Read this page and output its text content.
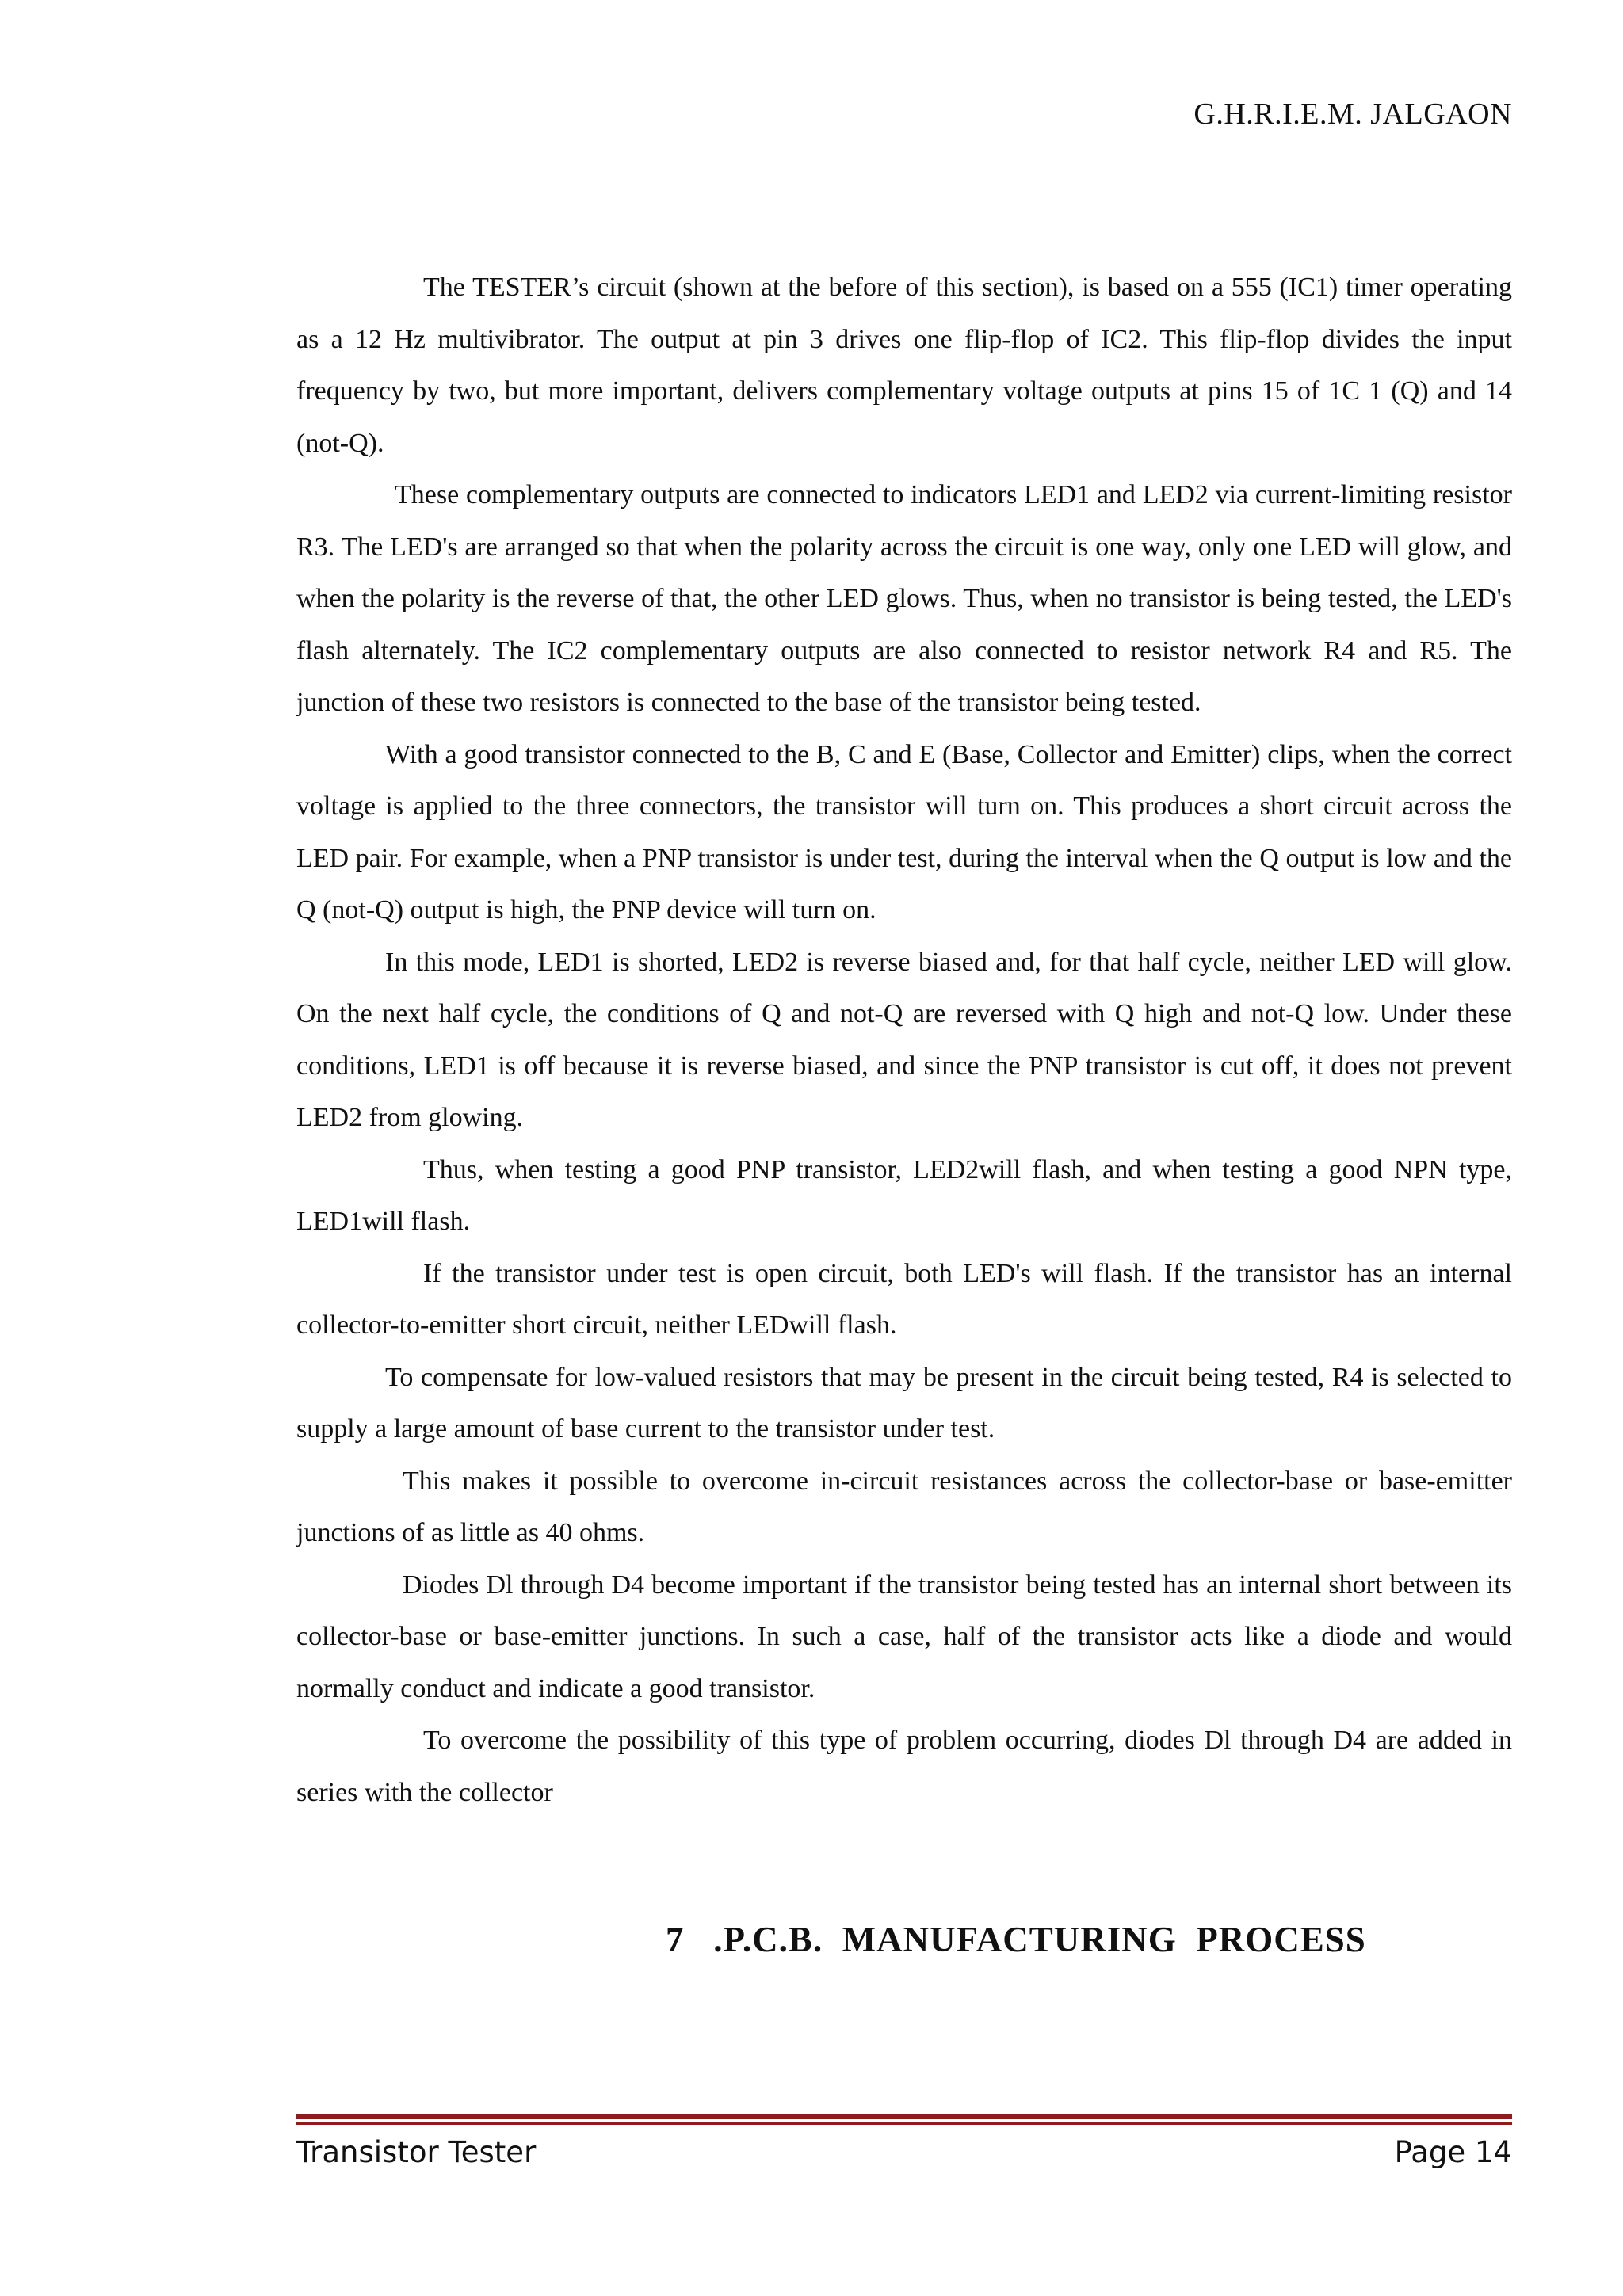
G.H.R.I.E.M. JALGAON

The TESTER’s circuit (shown at the before of this section), is based on a 555 (IC1) timer operating as a 12 Hz multivibrator. The output at pin 3 drives one flip-flop of IC2. This flip-flop divides the input frequency by two, but more important, delivers complementary voltage outputs at pins 15 of 1C 1 (Q) and 14 (not-Q).

These complementary outputs are connected to indicators LED1 and LED2 via current-limiting resistor R3. The LED's are arranged so that when the polarity across the circuit is one way, only one LED will glow, and when the polarity is the reverse of that, the other LED glows. Thus, when no transistor is being tested, the LED's flash alternately. The IC2 complementary outputs are also connected to resistor network R4 and R5. The junction of these two resistors is connected to the base of the transistor being tested.

With a good transistor connected to the B, C and E (Base, Collector and Emitter) clips, when the correct voltage is applied to the three connectors, the transistor will turn on. This produces a short circuit across the LED pair. For example, when a PNP transistor is under test, during the interval when the Q output is low and the Q (not-Q) output is high, the PNP device will turn on.

In this mode, LED1 is shorted, LED2 is reverse biased and, for that half cycle, neither LED will glow. On the next half cycle, the conditions of Q and not-Q are reversed with Q high and not-Q low. Under these conditions, LED1 is off because it is reverse biased, and since the PNP transistor is cut off, it does not prevent LED2 from glowing.

Thus, when testing a good PNP transistor, LED2will flash, and when testing a good NPN type, LED1will flash.

If the transistor under test is open circuit, both LED's will flash. If the transistor has an internal collector-to-emitter short circuit, neither LEDwill flash.

To compensate for low-valued resistors that may be present in the circuit being tested, R4 is selected to supply a large amount of base current to the transistor under test.

This makes it possible to overcome in-circuit resistances across the collector-base or base-emitter junctions of as little as 40 ohms.

Diodes Dl through D4 become important if the transistor being tested has an internal short between its collector-base or base-emitter junctions. In such a case, half of the transistor acts like a diode and would normally conduct and indicate a good transistor.

To overcome the possibility of this type of problem occurring, diodes Dl through D4 are added in series with the collector

7   .P.C.B.  MANUFACTURING  PROCESS
Transistor Tester	Page 14
